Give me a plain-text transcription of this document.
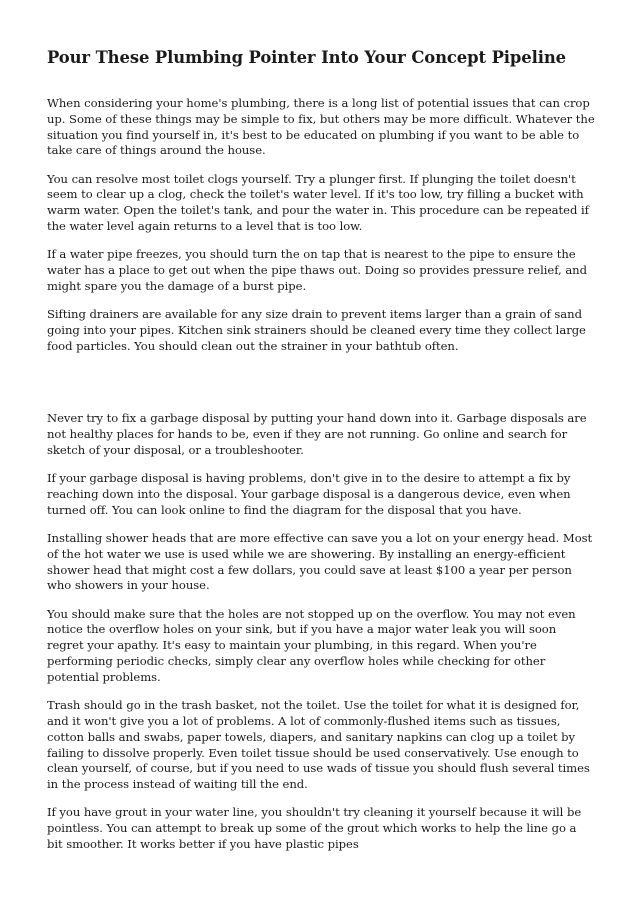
Pour These Plumbing Pointer Into Your Concept Pipeline

When considering your home's plumbing, there is a long list of potential issues that can crop up. Some of these things may be simple to fix, but others may be more difficult. Whatever the situation you find yourself in, it's best to be educated on plumbing if you want to be able to take care of things around the house.

You can resolve most toilet clogs yourself. Try a plunger first. If plunging the toilet doesn't seem to clear up a clog, check the toilet's water level. If it's too low, try filling a bucket with warm water. Open the toilet's tank, and pour the water in. This procedure can be repeated if the water level again returns to a level that is too low.

If a water pipe freezes, you should turn the on tap that is nearest to the pipe to ensure the water has a place to get out when the pipe thaws out. Doing so provides pressure relief, and might spare you the damage of a burst pipe.

Sifting drainers are available for any size drain to prevent items larger than a grain of sand going into your pipes. Kitchen sink strainers should be cleaned every time they collect large food particles. You should clean out the strainer in your bathtub often.

Never try to fix a garbage disposal by putting your hand down into it. Garbage disposals are not healthy places for hands to be, even if they are not running. Go online and search for sketch of your disposal, or a troubleshooter.

If your garbage disposal is having problems, don't give in to the desire to attempt a fix by reaching down into the disposal. Your garbage disposal is a dangerous device, even when turned off. You can look online to find the diagram for the disposal that you have.

Installing shower heads that are more effective can save you a lot on your energy head. Most of the hot water we use is used while we are showering. By installing an energy-efficient shower head that might cost a few dollars, you could save at least $100 a year per person who showers in your house.

You should make sure that the holes are not stopped up on the overflow. You may not even notice the overflow holes on your sink, but if you have a major water leak you will soon regret your apathy. It's easy to maintain your plumbing, in this regard. When you're performing periodic checks, simply clear any overflow holes while checking for other potential problems.

Trash should go in the trash basket, not the toilet. Use the toilet for what it is designed for, and it won't give you a lot of problems. A lot of commonly-flushed items such as tissues, cotton balls and swabs, paper towels, diapers, and sanitary napkins can clog up a toilet by failing to dissolve properly. Even toilet tissue should be used conservatively. Use enough to clean yourself, of course, but if you need to use wads of tissue you should flush several times in the process instead of waiting till the end.

If you have grout in your water line, you shouldn't try cleaning it yourself because it will be pointless. You can attempt to break up some of the grout which works to help the line go a bit smoother. It works better if you have plastic pipes
